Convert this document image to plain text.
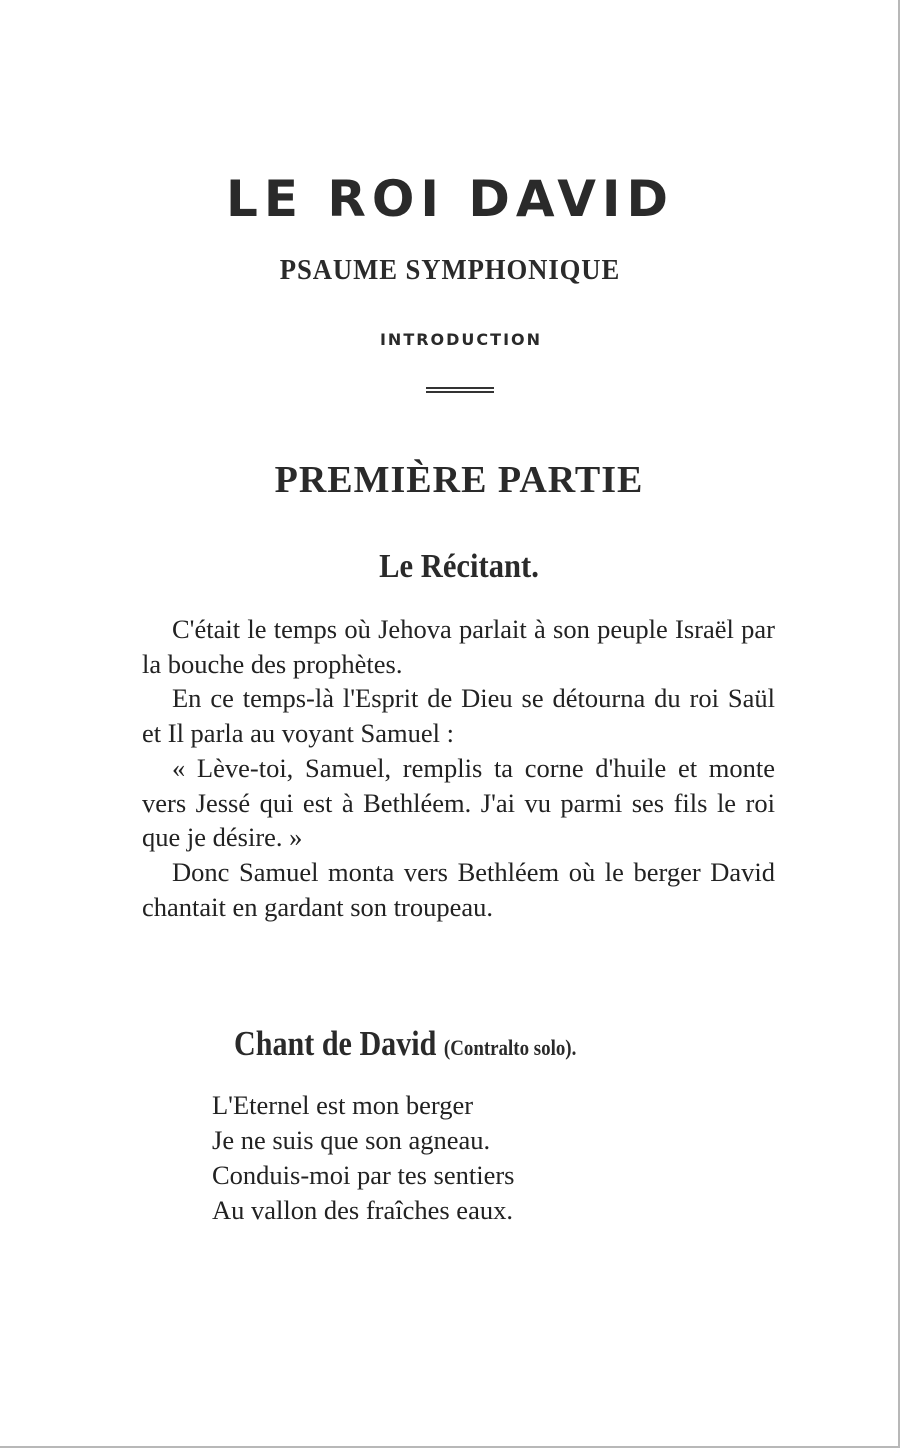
LE ROI DAVID
PSAUME SYMPHONIQUE
INTRODUCTION
PREMIÈRE PARTIE
Le Récitant.

C'était le temps où Jehova parlait à son peuple Israël par la bouche des prophètes.

En ce temps-là l'Esprit de Dieu se détourna du roi Saül et Il parla au voyant Samuel :

« Lève-toi, Samuel, remplis ta corne d'huile et monte vers Jessé qui est à Bethléem. J'ai vu parmi ses fils le roi que je désire. »

Donc Samuel monta vers Bethléem où le berger David chantait en gardant son troupeau.

Chant de David (Contralto solo).
L'Eternel est mon berger
Je ne suis que son agneau.
Conduis-moi par tes sentiers
Au vallon des fraîches eaux.
